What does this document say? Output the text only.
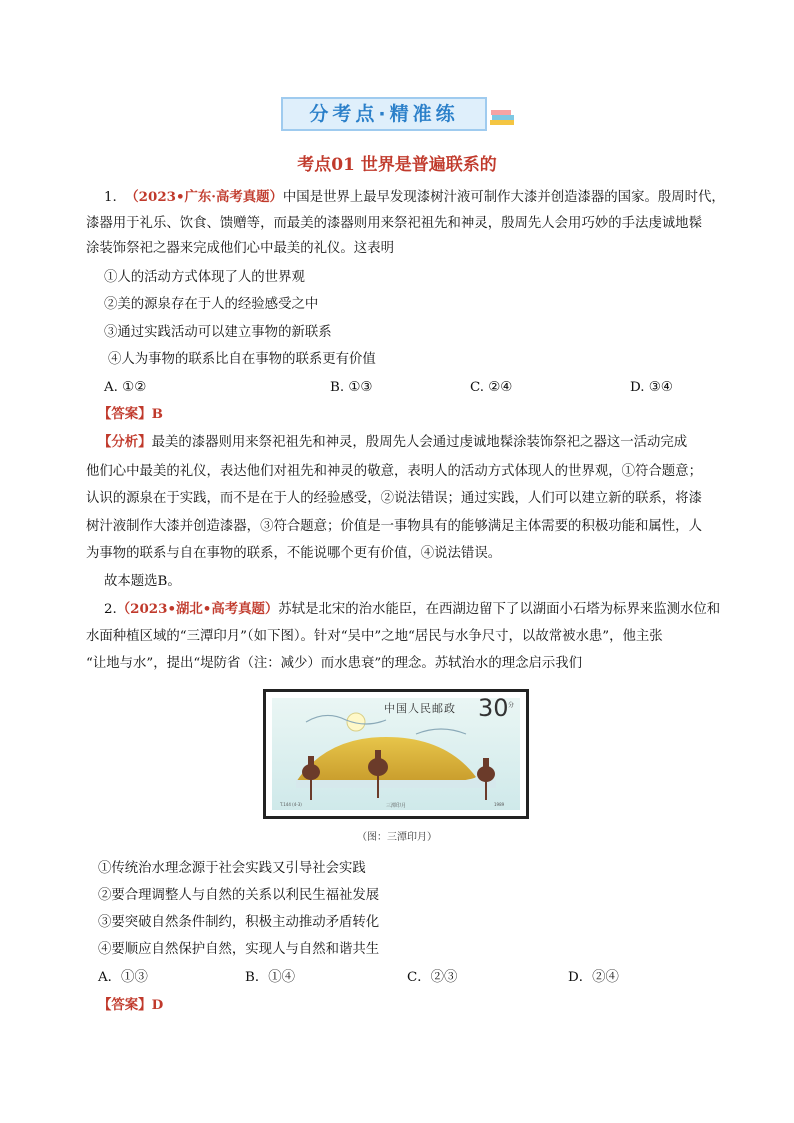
分考点·精准练
考点01 世界是普遍联系的

1. （2023•广东·高考真题）中国是世界上最早发现漆树汁液可制作大漆并创造漆器的国家。殷周时代，

漆器用于礼乐、饮食、馈赠等，而最美的漆器则用来祭祀祖先和神灵，殷周先人会用巧妙的手法虔诚地髹

涂装饰祭祀之器来完成他们心中最美的礼仪。这表明

①人的活动方式体现了人的世界观

②美的源泉存在于人的经验感受之中

③通过实践活动可以建立事物的新联系

④人为事物的联系比自在事物的联系更有价值

A. ①②	B. ①③	C. ②④	D. ③④
【答案】B

【分析】最美的漆器则用来祭祀祖先和神灵，殷周先人会通过虔诚地髹涂装饰祭祀之器这一活动完成

他们心中最美的礼仪，表达他们对祖先和神灵的敬意，表明人的活动方式体现人的世界观，①符合题意；

认识的源泉在于实践，而不是在于人的经验感受，②说法错误；通过实践，人们可以建立新的联系，将漆

树汁液制作大漆并创造漆器，③符合题意；价值是一事物具有的能够满足主体需要的积极功能和属性，人

为事物的联系与自在事物的联系，不能说哪个更有价值，④说法错误。

故本题选B。

2.（2023•湖北•高考真题）苏轼是北宋的治水能臣，在西湖边留下了以湖面小石塔为标界来监测水位和

水面种植区域的“三潭印月”（如下图）。针对“吴中”之地“居民与水争尺寸，以故常被水患”，他主张

“让地与水”，提出“堤防省（注：减少）而水患衰”的理念。苏轼治水的理念启示我们

中国人民邮政 30 分
T.144 (4-3)	三潭印月	1989
（图：三潭印月）

①传统治水理念源于社会实践又引导社会实践

②要合理调整人与自然的关系以利民生福祉发展

③要突破自然条件制约，积极主动推动矛盾转化

④要顺应自然保护自然，实现人与自然和谐共生

A．①③	B．①④	C．②③	D．②④
【答案】D
